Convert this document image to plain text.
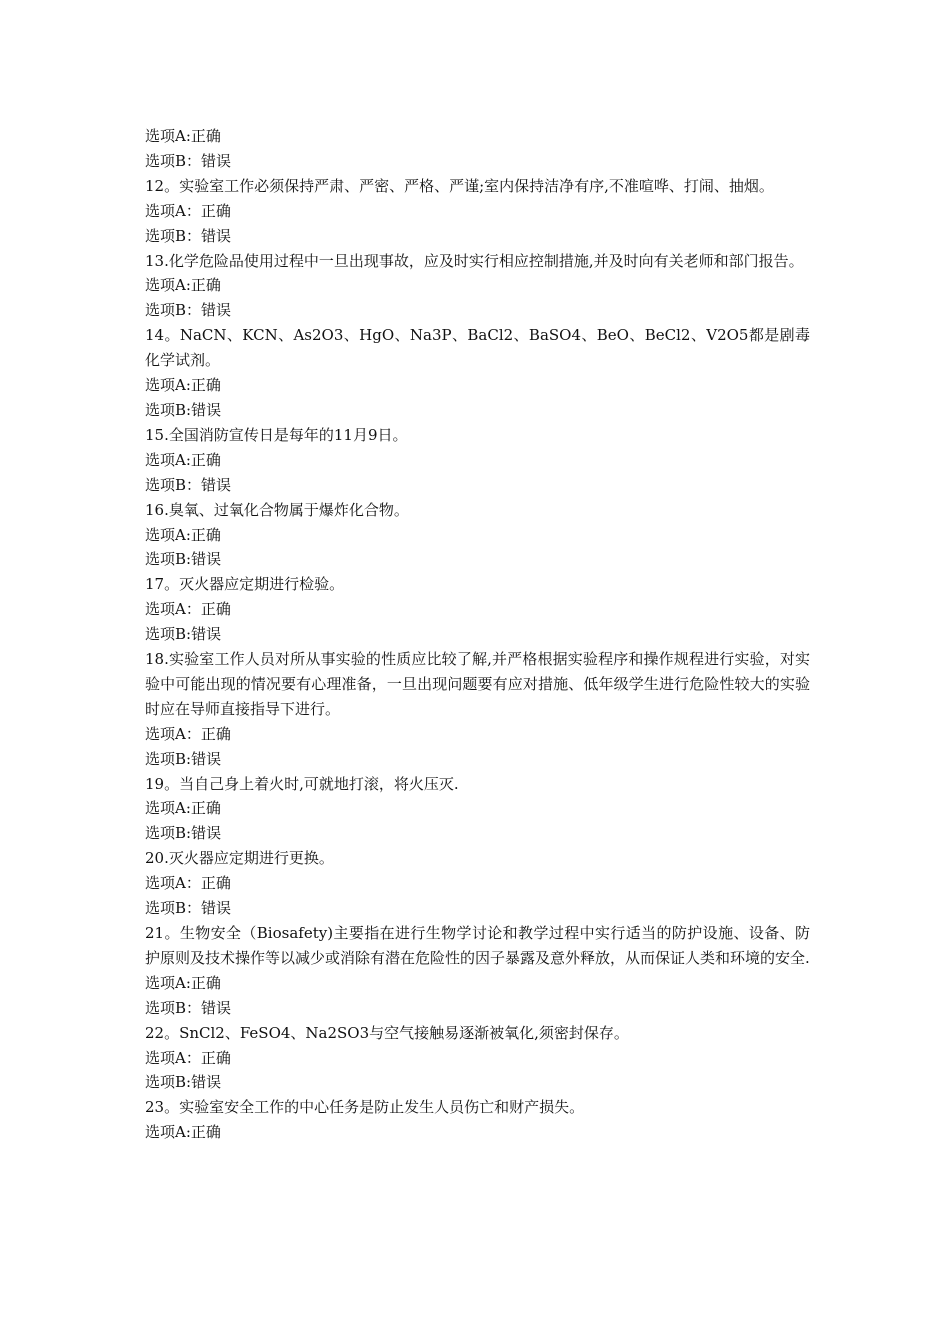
选项A:正确

选项B：错误

12。实验室工作必须保持严肃、严密、严格、严谨;室内保持洁净有序,不准喧哗、打闹、抽烟。

选项A：正确

选项B：错误

13.化学危险品使用过程中一旦出现事故，应及时实行相应控制措施,并及时向有关老师和部门报告。

选项A:正确

选项B：错误

14。NaCN、KCN、As2O3、HgO、Na3P、BaCl2、BaSO4、BeO、BeCl2、V2O5都是剧毒化学试剂。

选项A:正确

选项B:错误

15.全国消防宣传日是每年的11月9日。

选项A:正确

选项B：错误

16.臭氧、过氧化合物属于爆炸化合物。

选项A:正确

选项B:错误

17。灭火器应定期进行检验。

选项A：正确

选项B:错误

18.实验室工作人员对所从事实验的性质应比较了解,并严格根据实验程序和操作规程进行实验，对实验中可能出现的情况要有心理准备，一旦出现问题要有应对措施、低年级学生进行危险性较大的实验时应在导师直接指导下进行。

选项A：正确

选项B:错误

19。当自己身上着火时,可就地打滚，将火压灭.

选项A:正确

选项B:错误

20.灭火器应定期进行更换。

选项A：正确

选项B：错误

21。生物安全（Biosafety)主要指在进行生物学讨论和教学过程中实行适当的防护设施、设备、防护原则及技术操作等以减少或消除有潜在危险性的因子暴露及意外释放，从而保证人类和环境的安全.

选项A:正确

选项B：错误

22。SnCl2、FeSO4、Na2SO3与空气接触易逐渐被氧化,须密封保存。

选项A：正确

选项B:错误

23。实验室安全工作的中心任务是防止发生人员伤亡和财产损失。

选项A:正确
